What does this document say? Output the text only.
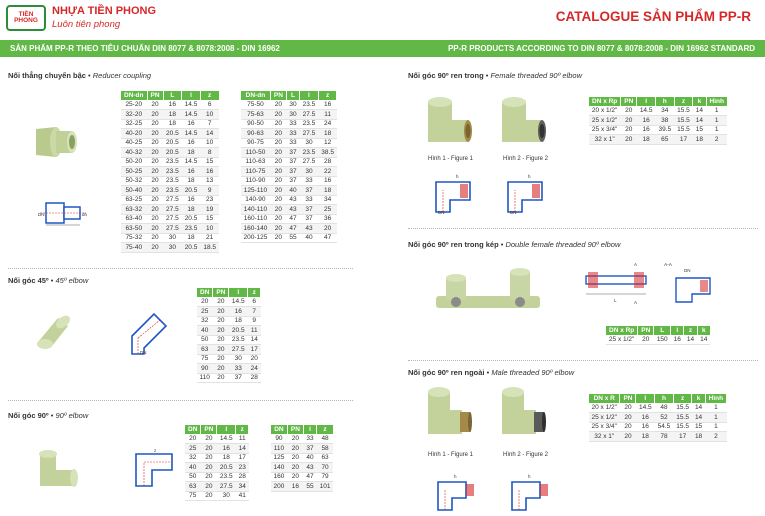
TIỀN PHONG
NHỰA TIỀN PHONG
Luôn tiên phong
CATALOGUE SẢN PHẨM PP-R
SẢN PHẨM PP-R THEO TIÊU CHUẨN DIN 8077 & 8078:2008 - DIN 16962	PP-R PRODUCTS ACCORDING TO DIN 8077 & 8078:2008 - DIN 16962 STANDARD
Nối thẳng chuyển bậc • Reducer coupling
DN	dn
DN-dn	PN	L	l	z
25-20	20	16	14.5	6
32-20	20	18	14.5	10
32-25	20	18	16	7
40-20	20	20.5	14.5	14
40-25	20	20.5	16	10
40-32	20	20.5	18	8
50-20	20	23.5	14.5	15
50-25	20	23.5	16	16
50-32	20	23.5	18	13
50-40	20	23.5	20.5	9
63-25	20	27.5	16	23
63-32	20	27.5	18	19
63-40	20	27.5	20.5	15
63-50	20	27.5	23.5	10
75-32	20	30	18	21
75-40	20	30	20.5	18.5
DN-dn	PN	L	l	z
75-50	20	30	23.5	16
75-63	20	30	27.5	11
90-50	20	33	23.5	24
90-63	20	33	27.5	18
90-75	20	33	30	12
110-50	20	37	23.5	38.5
110-63	20	37	27.5	28
110-75	20	37	30	22
110-90	20	37	33	16
125-110	20	40	37	18
140-90	20	43	33	34
140-110	20	43	37	25
160-110	20	47	37	36
160-140	20	47	43	20
200-125	20	55	40	47
Nối góc 45º • 45º elbow
DN
DN	PN	l	z
20	20	14.5	6
25	20	16	7
32	20	18	9
40	20	20.5	11
50	20	23.5	14
63	20	27.5	17
75	20	30	20
90	20	33	24
110	20	37	28
Nối góc 90º • 90º elbow
z
DN	PN	l	z
20	20	14.5	11
25	20	16	14
32	20	18	17
40	20	20.5	23
50	20	23.5	28
63	20	27.5	34
75	20	30	41
DN	PN	l	z
90	20	33	48
110	20	37	58
125	20	40	63
140	20	43	70
160	20	47	79
200	16	55	101
Nối góc 90º ren trong • Female threaded 90º elbow
Hình 1 - Figure 1	Hình 2 - Figure 2
DN
h
DN
h
DN x Rp	PN	l	h	z	k	Hình
20 x 1/2"	20	14.5	34	15.5	14	1
25 x 1/2"	20	16	38	15.5	14	1
25 x 3/4"	20	16	39.5	15.5	15	1
32 x 1"	20	18	65	17	18	2
Nối góc 90º ren trong kép • Double female threaded 90º elbow
L
A
A
A-A
DN
DN x Rp	PN	L	l	z	k
25 x 1/2"	20	150	16	14	14
Nối góc 90º ren ngoài • Male threaded 90º elbow
Hình 1 - Figure 1	Hình 2 - Figure 2
h	h
DN x R	PN	l	h	z	k	Hình
20 x 1/2"	20	14.5	48	15.5	14	1
25 x 1/2"	20	16	52	15.5	14	1
25 x 3/4"	20	16	54.5	15.5	15	1
32 x 1"	20	18	78	17	18	2
